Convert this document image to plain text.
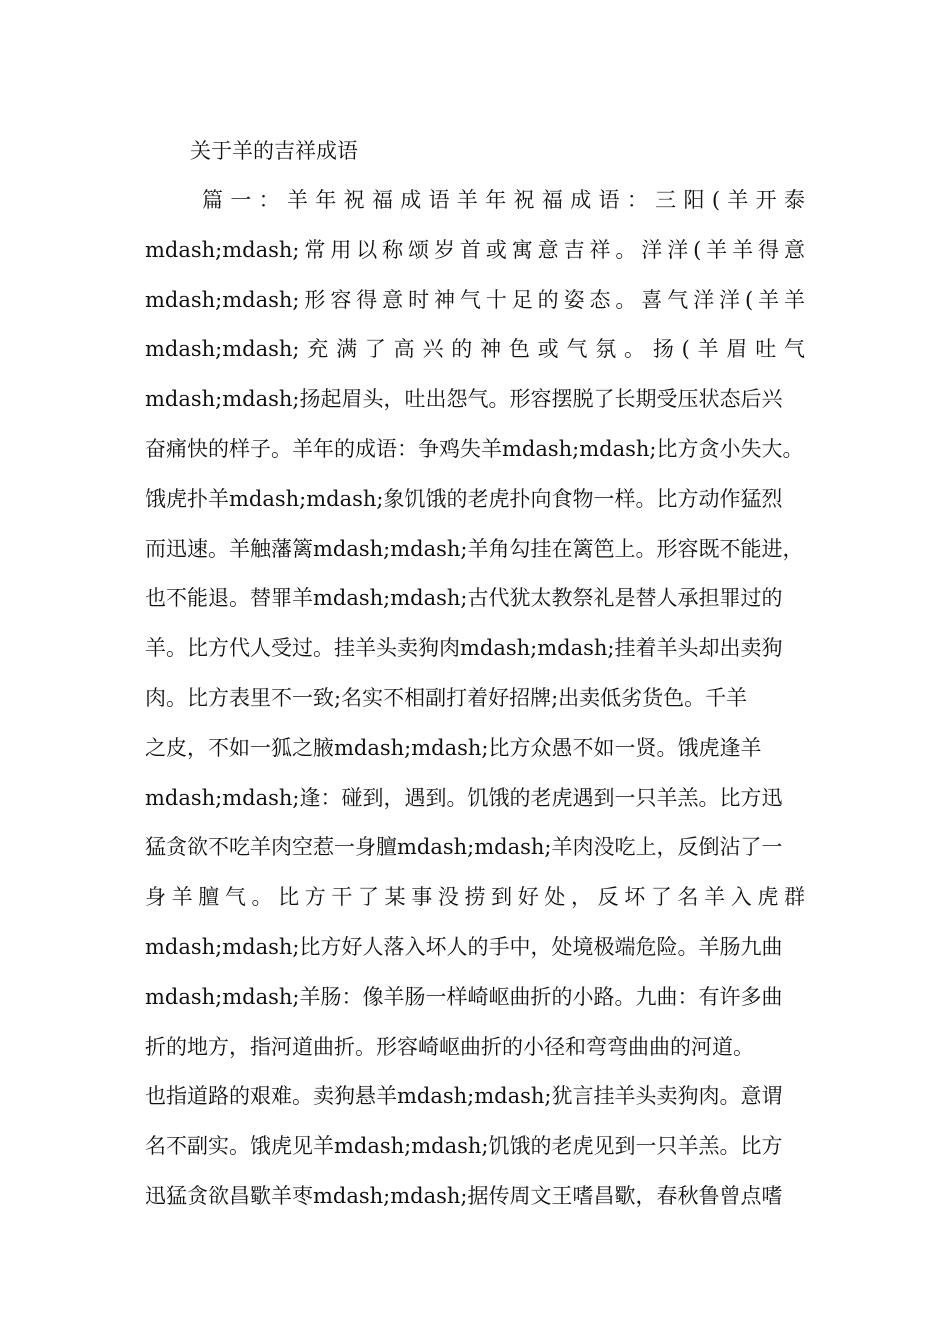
关于羊的吉祥成语
篇一：羊年祝福成语羊年祝福成语：三阳(羊开泰
mdash;mdash;常用以称颂岁首或寓意吉祥。洋洋(羊羊得意
mdash;mdash;形容得意时神气十足的姿态。喜气洋洋(羊羊
mdash;mdash;充满了高兴的神色或气氛。扬(羊眉吐气
mdash;mdash;扬起眉头，吐出怨气。形容摆脱了长期受压状态后兴
奋痛快的样子。羊年的成语：争鸡失羊mdash;mdash;比方贪小失大。
饿虎扑羊mdash;mdash;象饥饿的老虎扑向食物一样。比方动作猛烈
而迅速。羊触藩篱mdash;mdash;羊角勾挂在篱笆上。形容既不能进，
也不能退。替罪羊mdash;mdash;古代犹太教祭礼是替人承担罪过的
羊。比方代人受过。挂羊头卖狗肉mdash;mdash;挂着羊头却出卖狗
肉。比方表里不一致;名实不相副打着好招牌;出卖低劣货色。千羊
之皮，不如一狐之腋mdash;mdash;比方众愚不如一贤。饿虎逢羊
mdash;mdash;逢：碰到，遇到。饥饿的老虎遇到一只羊羔。比方迅
猛贪欲不吃羊肉空惹一身膻mdash;mdash;羊肉没吃上，反倒沾了一
身羊膻气。比方干了某事没捞到好处，反坏了名羊入虎群
mdash;mdash;比方好人落入坏人的手中，处境极端危险。羊肠九曲
mdash;mdash;羊肠：像羊肠一样崎岖曲折的小路。九曲：有许多曲
折的地方，指河道曲折。形容崎岖曲折的小径和弯弯曲曲的河道。
也指道路的艰难。卖狗悬羊mdash;mdash;犹言挂羊头卖狗肉。意谓
名不副实。饿虎见羊mdash;mdash;饥饿的老虎见到一只羊羔。比方
迅猛贪欲昌歜羊枣mdash;mdash;据传周文王嗜昌歜，春秋鲁曾点嗜
